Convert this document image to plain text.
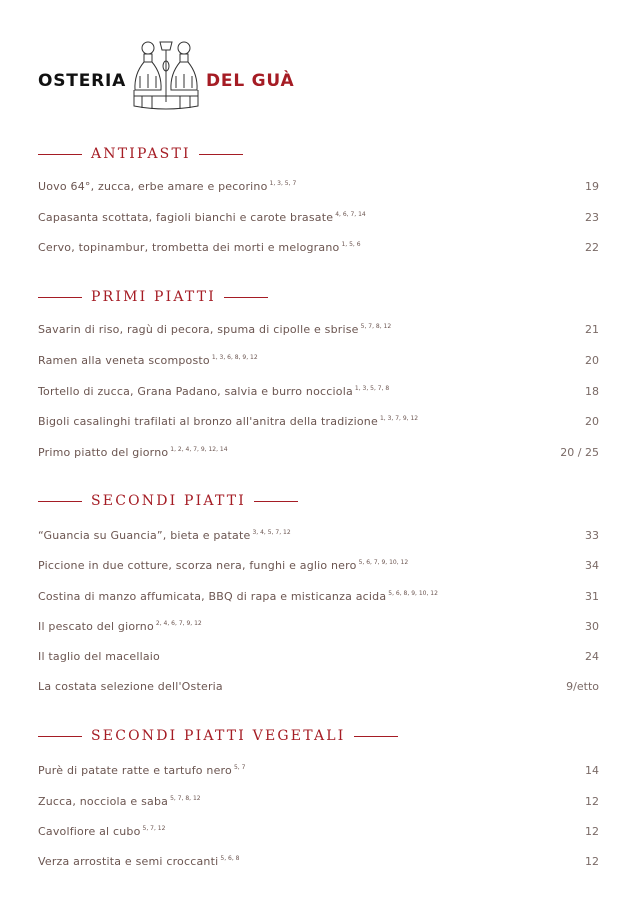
OSTERIA	DEL GUÀ
ANTIPASTI
Uovo 64°, zucca, erbe amare e pecorino $^{1, 3, 5, 7}$	19
Capasanta scottata, fagioli bianchi e carote brasate $^{4, 6, 7, 14}$	23
Cervo, topinambur, trombetta dei morti e melograno $^{1, 5, 6}$	22
PRIMI PIATTI
Savarin di riso, ragù di pecora, spuma di cipolle e sbrise $^{5, 7, 8, 12}$	21
Ramen alla veneta scomposto $^{1, 3, 6, 8, 9, 12}$	20
Tortello di zucca, Grana Padano, salvia e burro nocciola $^{1, 3, 5, 7, 8}$	18
Bigoli casalinghi trafilati al bronzo all'anitra della tradizione $^{1, 3, 7, 9, 12}$	20
Primo piatto del giorno $^{1, 2, 4, 7, 9, 12, 14}$	20 / 25
SECONDI PIATTI
“Guancia su Guancia”, bieta e patate $^{3, 4, 5, 7, 12}$	33
Piccione in due cotture, scorza nera, funghi e aglio nero $^{5, 6, 7, 9, 10, 12}$	34
Costina di manzo affumicata, BBQ di rapa e misticanza acida $^{5, 6, 8, 9, 10, 12}$	31
Il pescato del giorno $^{2, 4, 6, 7, 9, 12}$	30
Il taglio del macellaio	24
La costata selezione dell'Osteria	9/etto
SECONDI PIATTI VEGETALI
Purè di patate ratte e tartufo nero $^{5, 7}$	14
Zucca, nocciola e saba $^{5, 7, 8, 12}$	12
Cavolfiore al cubo $^{5, 7, 12}$	12
Verza arrostita e semi croccanti $^{5, 6, 8}$	12
